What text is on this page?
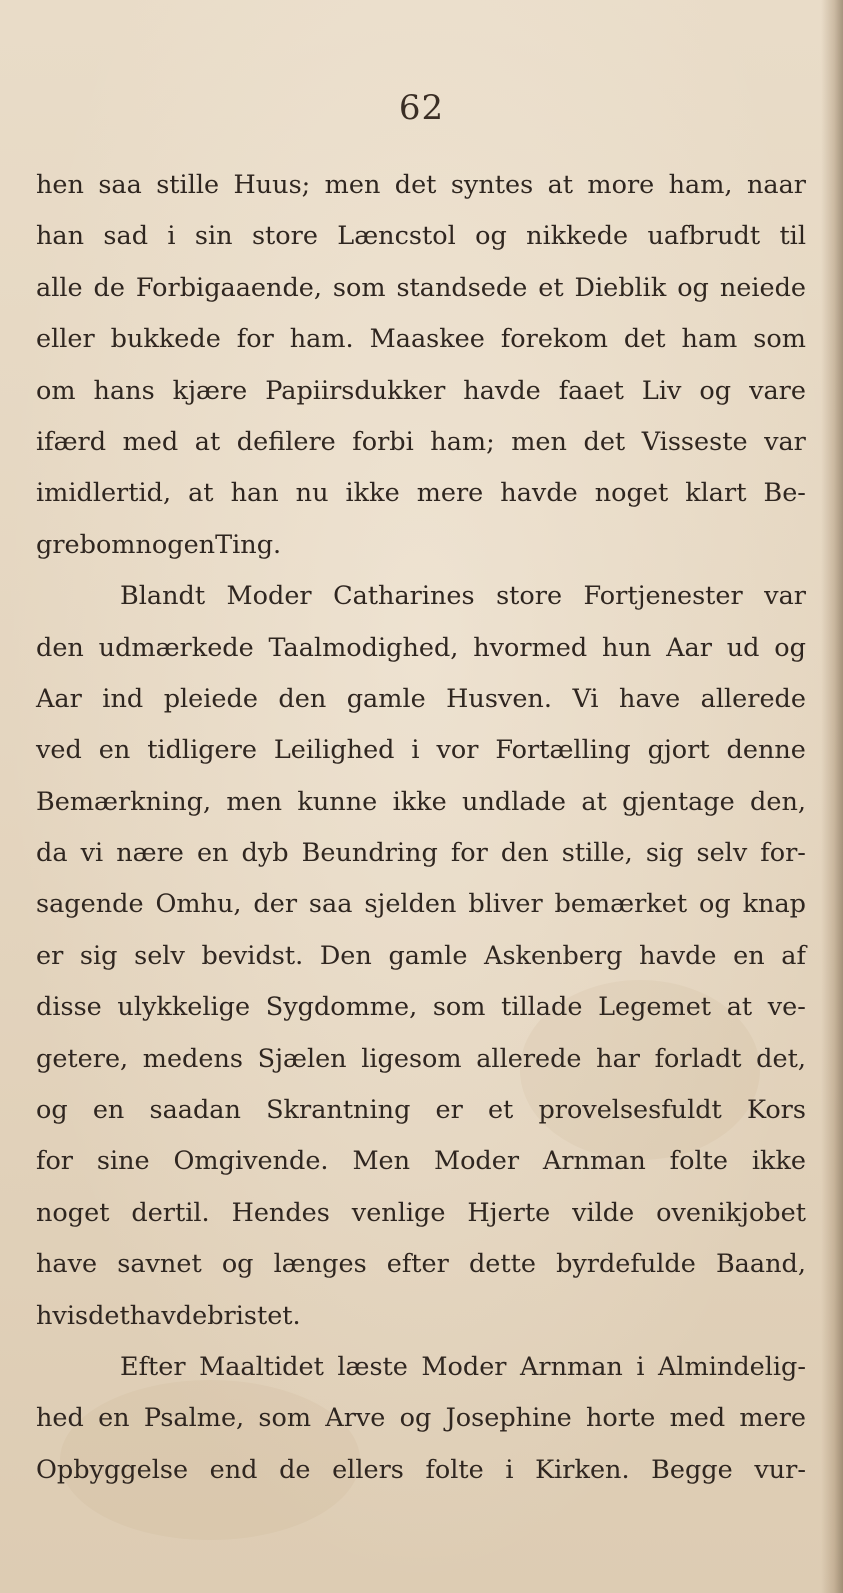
62
hen saa stille Huus; men det syntes at more ham, naar
han sad i sin store Læncstol og nikkede uafbrudt til
alle de Forbigaaende, som standsede et Dieblik og neiede
eller bukkede for ham. Maaskee forekom det ham som
om hans kjære Papiirsdukker havde faaet Liv og vare
ifærd med at defilere forbi ham; men det Visseste var
imidlertid, at han nu ikke mere havde noget klart Be-
greb om nogen Ting.
Blandt Moder Catharines store Fortjenester var
den udmærkede Taalmodighed, hvormed hun Aar ud og
Aar ind pleiede den gamle Husven. Vi have allerede
ved en tidligere Leilighed i vor Fortælling gjort denne
Bemærkning, men kunne ikke undlade at gjentage den,
da vi nære en dyb Beundring for den stille, sig selv for-
sagende Omhu, der saa sjelden bliver bemærket og knap
er sig selv bevidst. Den gamle Askenberg havde en af
disse ulykkelige Sygdomme, som tillade Legemet at ve-
getere, medens Sjælen ligesom allerede har forladt det,
og en saadan Skrantning er et provelsesfuldt Kors
for sine Omgivende. Men Moder Arnman folte ikke
noget dertil. Hendes venlige Hjerte vilde ovenikjobet
have savnet og længes efter dette byrdefulde Baand,
hvis det havde bristet.
Efter Maaltidet læste Moder Arnman i Almindelig-
hed en Psalme, som Arve og Josephine horte med mere
Opbyggelse end de ellers folte i Kirken. Begge vur-
